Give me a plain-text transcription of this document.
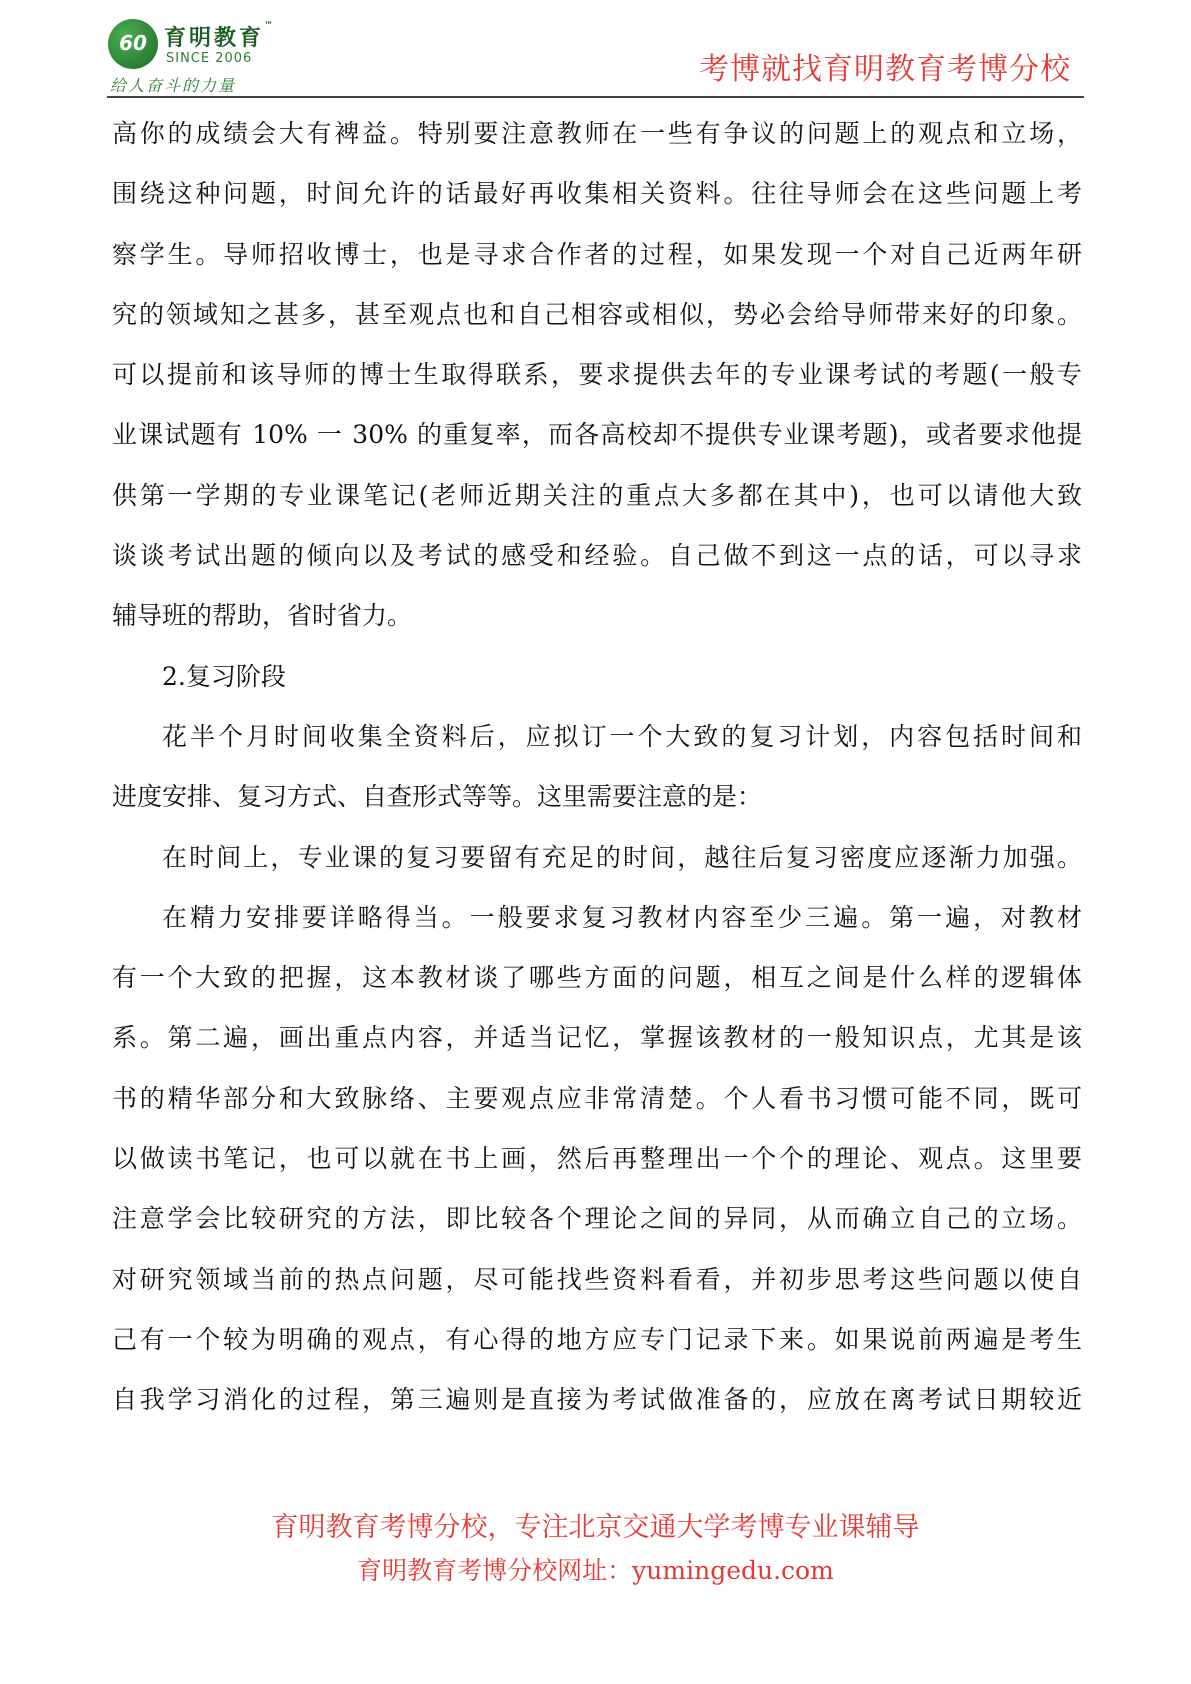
60 育明教育™
SINCE 2006
给人奋斗的力量	考博就找育明教育考博分校
高你的成绩会大有裨益。特别要注意教师在一些有争议的问题上的观点和立场，
围绕这种问题，时间允许的话最好再收集相关资料。往往导师会在这些问题上考
察学生。导师招收博士，也是寻求合作者的过程，如果发现一个对自己近两年研
究的领域知之甚多，甚至观点也和自己相容或相似，势必会给导师带来好的印象。
可以提前和该导师的博士生取得联系，要求提供去年的专业课考试的考题(一般专
业课试题有 10% 一 30% 的重复率，而各高校却不提供专业课考题)，或者要求他提
供第一学期的专业课笔记(老师近期关注的重点大多都在其中)，也可以请他大致
谈谈考试出题的倾向以及考试的感受和经验。自己做不到这一点的话，可以寻求
辅导班的帮助，省时省力。
2.复习阶段
花半个月时间收集全资料后，应拟订一个大致的复习计划，内容包括时间和
进度安排、复习方式、自查形式等等。这里需要注意的是：
在时间上，专业课的复习要留有充足的时间，越往后复习密度应逐渐力加强。
在精力安排要详略得当。一般要求复习教材内容至少三遍。第一遍，对教材
有一个大致的把握，这本教材谈了哪些方面的问题，相互之间是什么样的逻辑体
系。第二遍，画出重点内容，并适当记忆，掌握该教材的一般知识点，尤其是该
书的精华部分和大致脉络、主要观点应非常清楚。个人看书习惯可能不同，既可
以做读书笔记，也可以就在书上画，然后再整理出一个个的理论、观点。这里要
注意学会比较研究的方法，即比较各个理论之间的异同，从而确立自己的立场。
对研究领域当前的热点问题，尽可能找些资料看看，并初步思考这些问题以使自
己有一个较为明确的观点，有心得的地方应专门记录下来。如果说前两遍是考生
自我学习消化的过程，第三遍则是直接为考试做准备的，应放在离考试日期较近
育明教育考博分校，专注北京交通大学考博专业课辅导
育明教育考博分校网址：yumingedu.com
